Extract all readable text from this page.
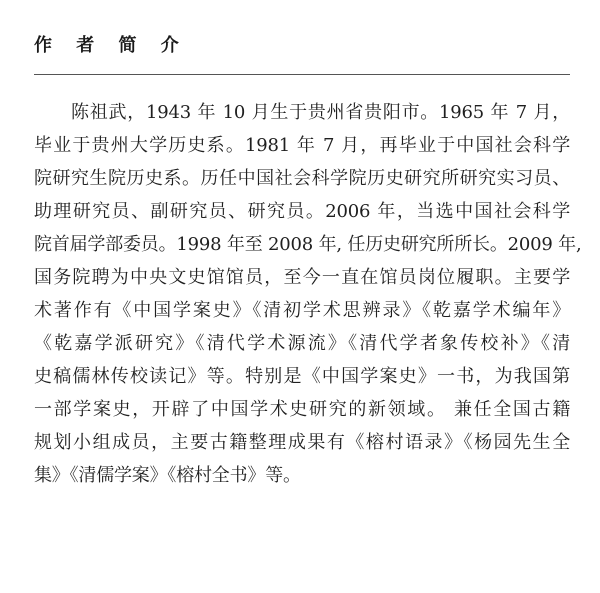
作 者 简 介
陈祖武，1943 年 10 月生于贵州省贵阳市。1965 年 7 月，
毕业于贵州大学历史系。1981 年 7 月，再毕业于中国社会科学
院研究生院历史系。历任中国社会科学院历史研究所研究实习员、
助理研究员、副研究员、研究员。2006 年，当选中国社会科学
院首届学部委员。1998 年至 2008 年, 任历史研究所所长。2009 年,
国务院聘为中央文史馆馆员，至今一直在馆员岗位履职。主要学
术著作有《中国学案史》《清初学术思辨录》《乾嘉学术编年》
《乾嘉学派研究》《清代学术源流》《清代学者象传校补》《清
史稿儒林传校读记》等。特别是《中国学案史》一书，为我国第
一部学案史，开辟了中国学术史研究的新领域。 兼任全国古籍
规划小组成员，主要古籍整理成果有《榕村语录》《杨园先生全
集》《清儒学案》《榕村全书》等。
